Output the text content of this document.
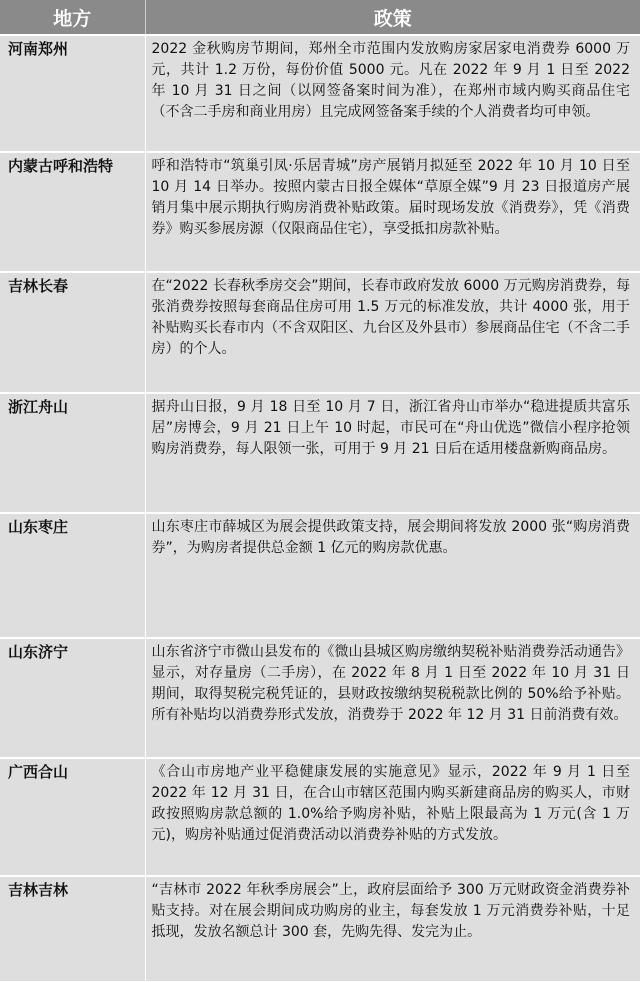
地方	政策
河南郑州	2022 金秋购房节期间，郑州全市范围内发放购房家居家电消费券 6000 万元，共计 1.2 万份，每份价值 5000 元。凡在 2022 年 9 月 1 日至 2022 年 10 月 31 日之间（以网签备案时间为准），在郑州市域内购买商品住宅（不含二手房和商业用房）且完成网签备案手续的个人消费者均可申领。
内蒙古呼和浩特	呼和浩特市“筑巢引凤·乐居青城”房产展销月拟延至 2022 年 10 月 10 日至 10 月 14 日举办。按照内蒙古日报全媒体“草原全媒”9 月 23 日报道房产展销月集中展示期执行购房消费补贴政策。届时现场发放《消费券》，凭《消费券》购买参展房源（仅限商品住宅），享受抵扣房款补贴。
吉林长春	在“2022 长春秋季房交会”期间，长春市政府发放 6000 万元购房消费券，每张消费券按照每套商品住房可用 1.5 万元的标准发放，共计 4000 张，用于补贴购买长春市内（不含双阳区、九台区及外县市）参展商品住宅（不含二手房）的个人。
浙江舟山	据舟山日报，9 月 18 日至 10 月 7 日，浙江省舟山市举办“稳进提质共富乐居”房博会，9 月 21 日上午 10 时起，市民可在“舟山优选”微信小程序抢领购房消费券，每人限领一张，可用于 9 月 21 日后在适用楼盘新购商品房。
山东枣庄	山东枣庄市薛城区为展会提供政策支持，展会期间将发放 2000 张“购房消费券”，为购房者提供总金额 1 亿元的购房款优惠。
山东济宁	山东省济宁市微山县发布的《微山县城区购房缴纳契税补贴消费券活动通告》显示，对存量房（二手房），在 2022 年 8 月 1 日至 2022 年 10 月 31 日期间，取得契税完税凭证的，县财政按缴纳契税税款比例的 50%给予补贴。所有补贴均以消费券形式发放，消费券于 2022 年 12 月 31 日前消费有效。
广西合山	《合山市房地产业平稳健康发展的实施意见》显示，2022 年 9 月 1 日至 2022 年 12 月 31 日，在合山市辖区范围内购买新建商品房的购买人，市财政按照购房款总额的 1.0%给予购房补贴，补贴上限最高为 1 万元(含 1 万元)，购房补贴通过促消费活动以消费券补贴的方式发放。
吉林吉林	“吉林市 2022 年秋季房展会”上，政府层面给予 300 万元财政资金消费券补贴支持。对在展会期间成功购房的业主，每套发放 1 万元消费券补贴，十足抵现，发放名额总计 300 套，先购先得、发完为止。
